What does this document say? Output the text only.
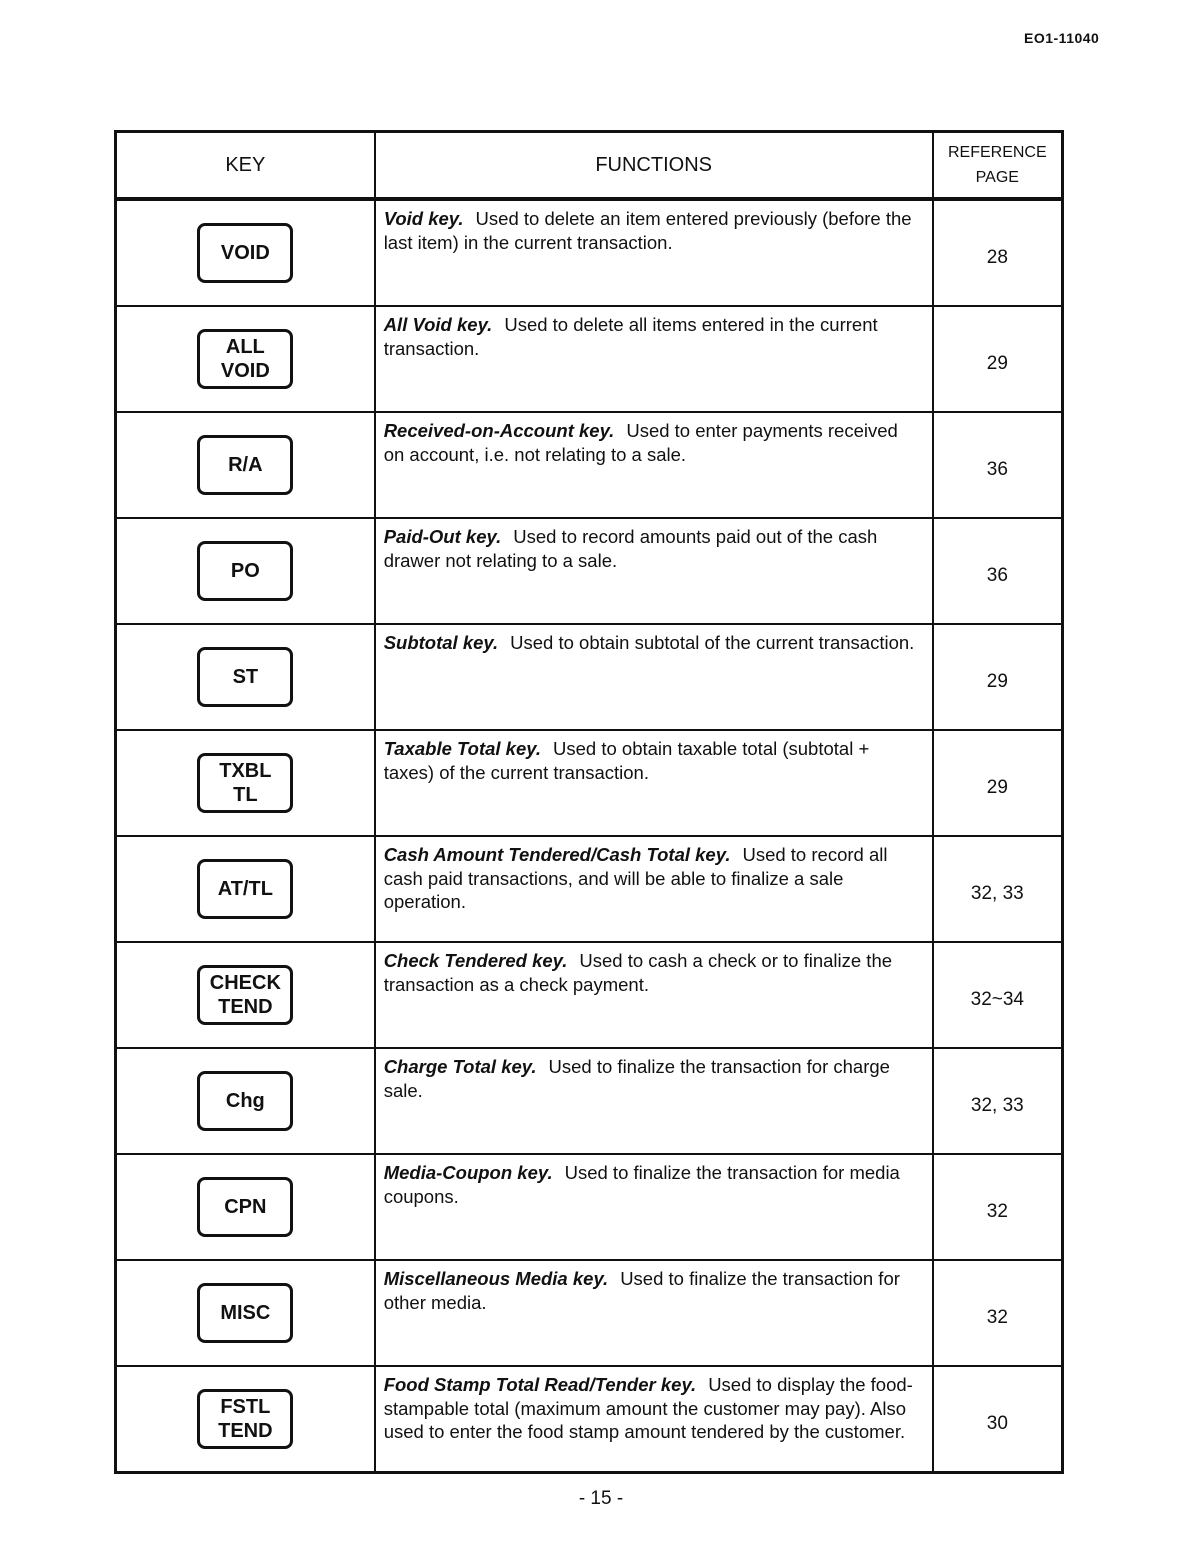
EO1-11040
KEY	FUNCTIONS	REFERENCE
PAGE

VOID	Void key. Used to delete an item entered previously (before the last item) in the current transaction.	28

ALL
VOID	All Void key. Used to delete all items entered in the current transaction.	29

R/A	Received-on-Account key. Used to enter payments received on account, i.e. not relating to a sale.	36

PO	Paid-Out key. Used to record amounts paid out of the cash drawer not relating to a sale.	36

ST	Subtotal key. Used to obtain subtotal of the current transaction.	29

TXBL
TL	Taxable Total key. Used to obtain taxable total (subtotal + taxes) of the current transaction.	29

AT/TL	Cash Amount Tendered/Cash Total key. Used to record all cash paid transactions, and will be able to finalize a sale operation.	32, 33

CHECK
TEND	Check Tendered key. Used to cash a check or to finalize the transaction as a check payment.	32~34

Chg	Charge Total key. Used to finalize the transaction for charge sale.	32, 33

CPN	Media-Coupon key. Used to finalize the transaction for media coupons.	32

MISC	Miscellaneous Media key. Used to finalize the transaction for other media.	32

FSTL
TEND	Food Stamp Total Read/Tender key. Used to display the food-stampable total (maximum amount the customer may pay). Also used to enter the food stamp amount tendered by the customer.	30
- 15 -
